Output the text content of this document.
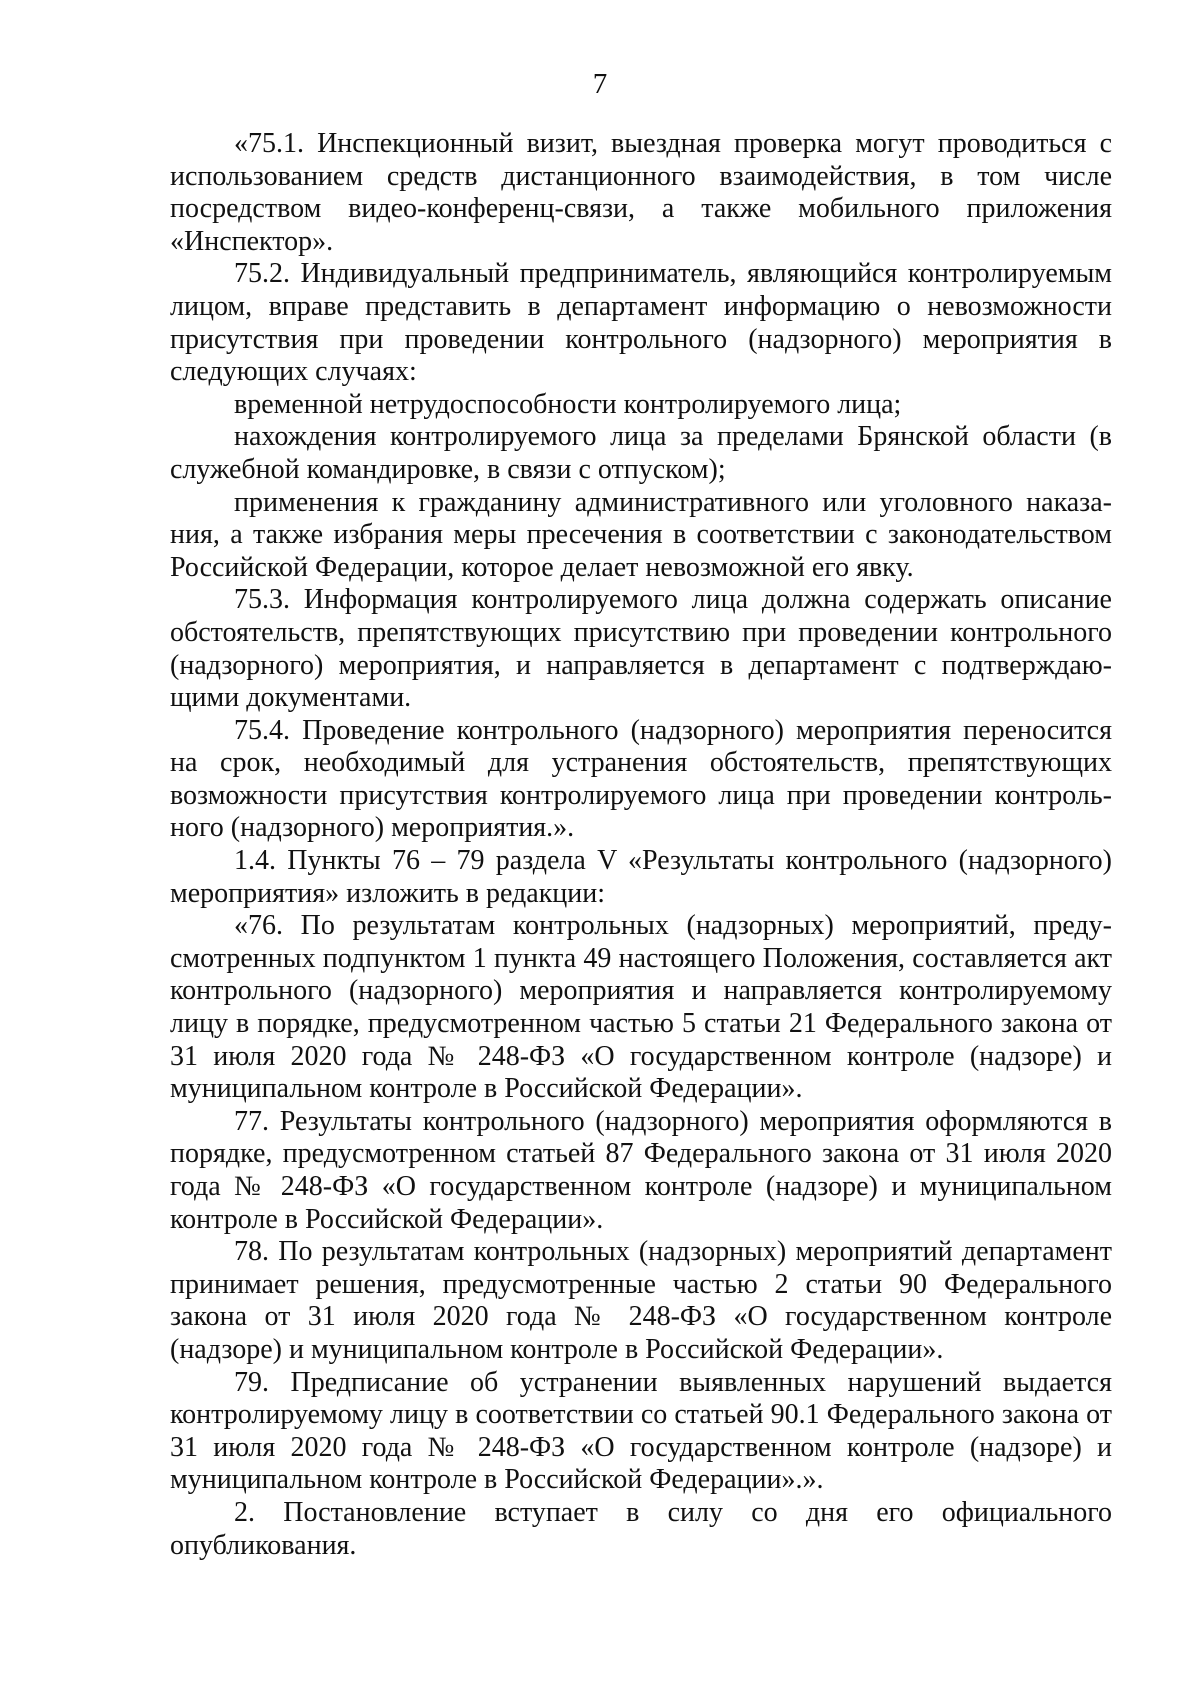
7

«75.1. Инспекционный визит, выездная проверка могут проводиться с использованием средств дистанционного взаимодействия, в том числе посредством видео-конференц-связи, а также мобильного приложения «Инспектор».

75.2. Индивидуальный предприниматель, являющийся контролируемым лицом, вправе представить в департамент информацию о невозможности присутствия при проведении контрольного (надзорного) мероприятия в следующих случаях:

временной нетрудоспособности контролируемого лица;

нахождения контролируемого лица за пределами Брянской области (в служебной командировке, в связи с отпуском);

применения к гражданину административного или уголовного наказания, а также избрания меры пресечения в соответствии с законодательством Российской Федерации, которое делает невозможной его явку.

75.3. Информация контролируемого лица должна содержать описание обстоятельств, препятствующих присутствию при проведении контрольного (надзорного) мероприятия, и направляется в департамент с подтверждающими документами.

75.4. Проведение контрольного (надзорного) мероприятия переносится на срок, необходимый для устранения обстоятельств, препятствующих возможности присутствия контролируемого лица при проведении контрольного (надзорного) мероприятия.».

1.4. Пункты 76 – 79 раздела V «Результаты контрольного (надзорного) мероприятия» изложить в редакции:

«76. По результатам контрольных (надзорных) мероприятий, предусмотренных подпунктом 1 пункта 49 настоящего Положения, составляется акт контрольного (надзорного) мероприятия и направляется контролируемому лицу в порядке, предусмотренном частью 5 статьи 21 Федерального закона от 31 июля 2020 года № 248-ФЗ «О государственном контроле (надзоре) и муниципальном контроле в Российской Федерации».

77. Результаты контрольного (надзорного) мероприятия оформляются в порядке, предусмотренном статьей 87 Федерального закона от 31 июля 2020 года № 248-ФЗ «О государственном контроле (надзоре) и муниципальном контроле в Российской Федерации».

78. По результатам контрольных (надзорных) мероприятий департамент принимает решения, предусмотренные частью 2 статьи 90 Федерального закона от 31 июля 2020 года № 248-ФЗ «О государственном контроле (надзоре) и муниципальном контроле в Российской Федерации».

79. Предписание об устранении выявленных нарушений выдается контролируемому лицу в соответствии со статьей 90.1 Федерального закона от 31 июля 2020 года № 248-ФЗ «О государственном контроле (надзоре) и муниципальном контроле в Российской Федерации».».

2. Постановление вступает в силу со дня его официального опубликования.
